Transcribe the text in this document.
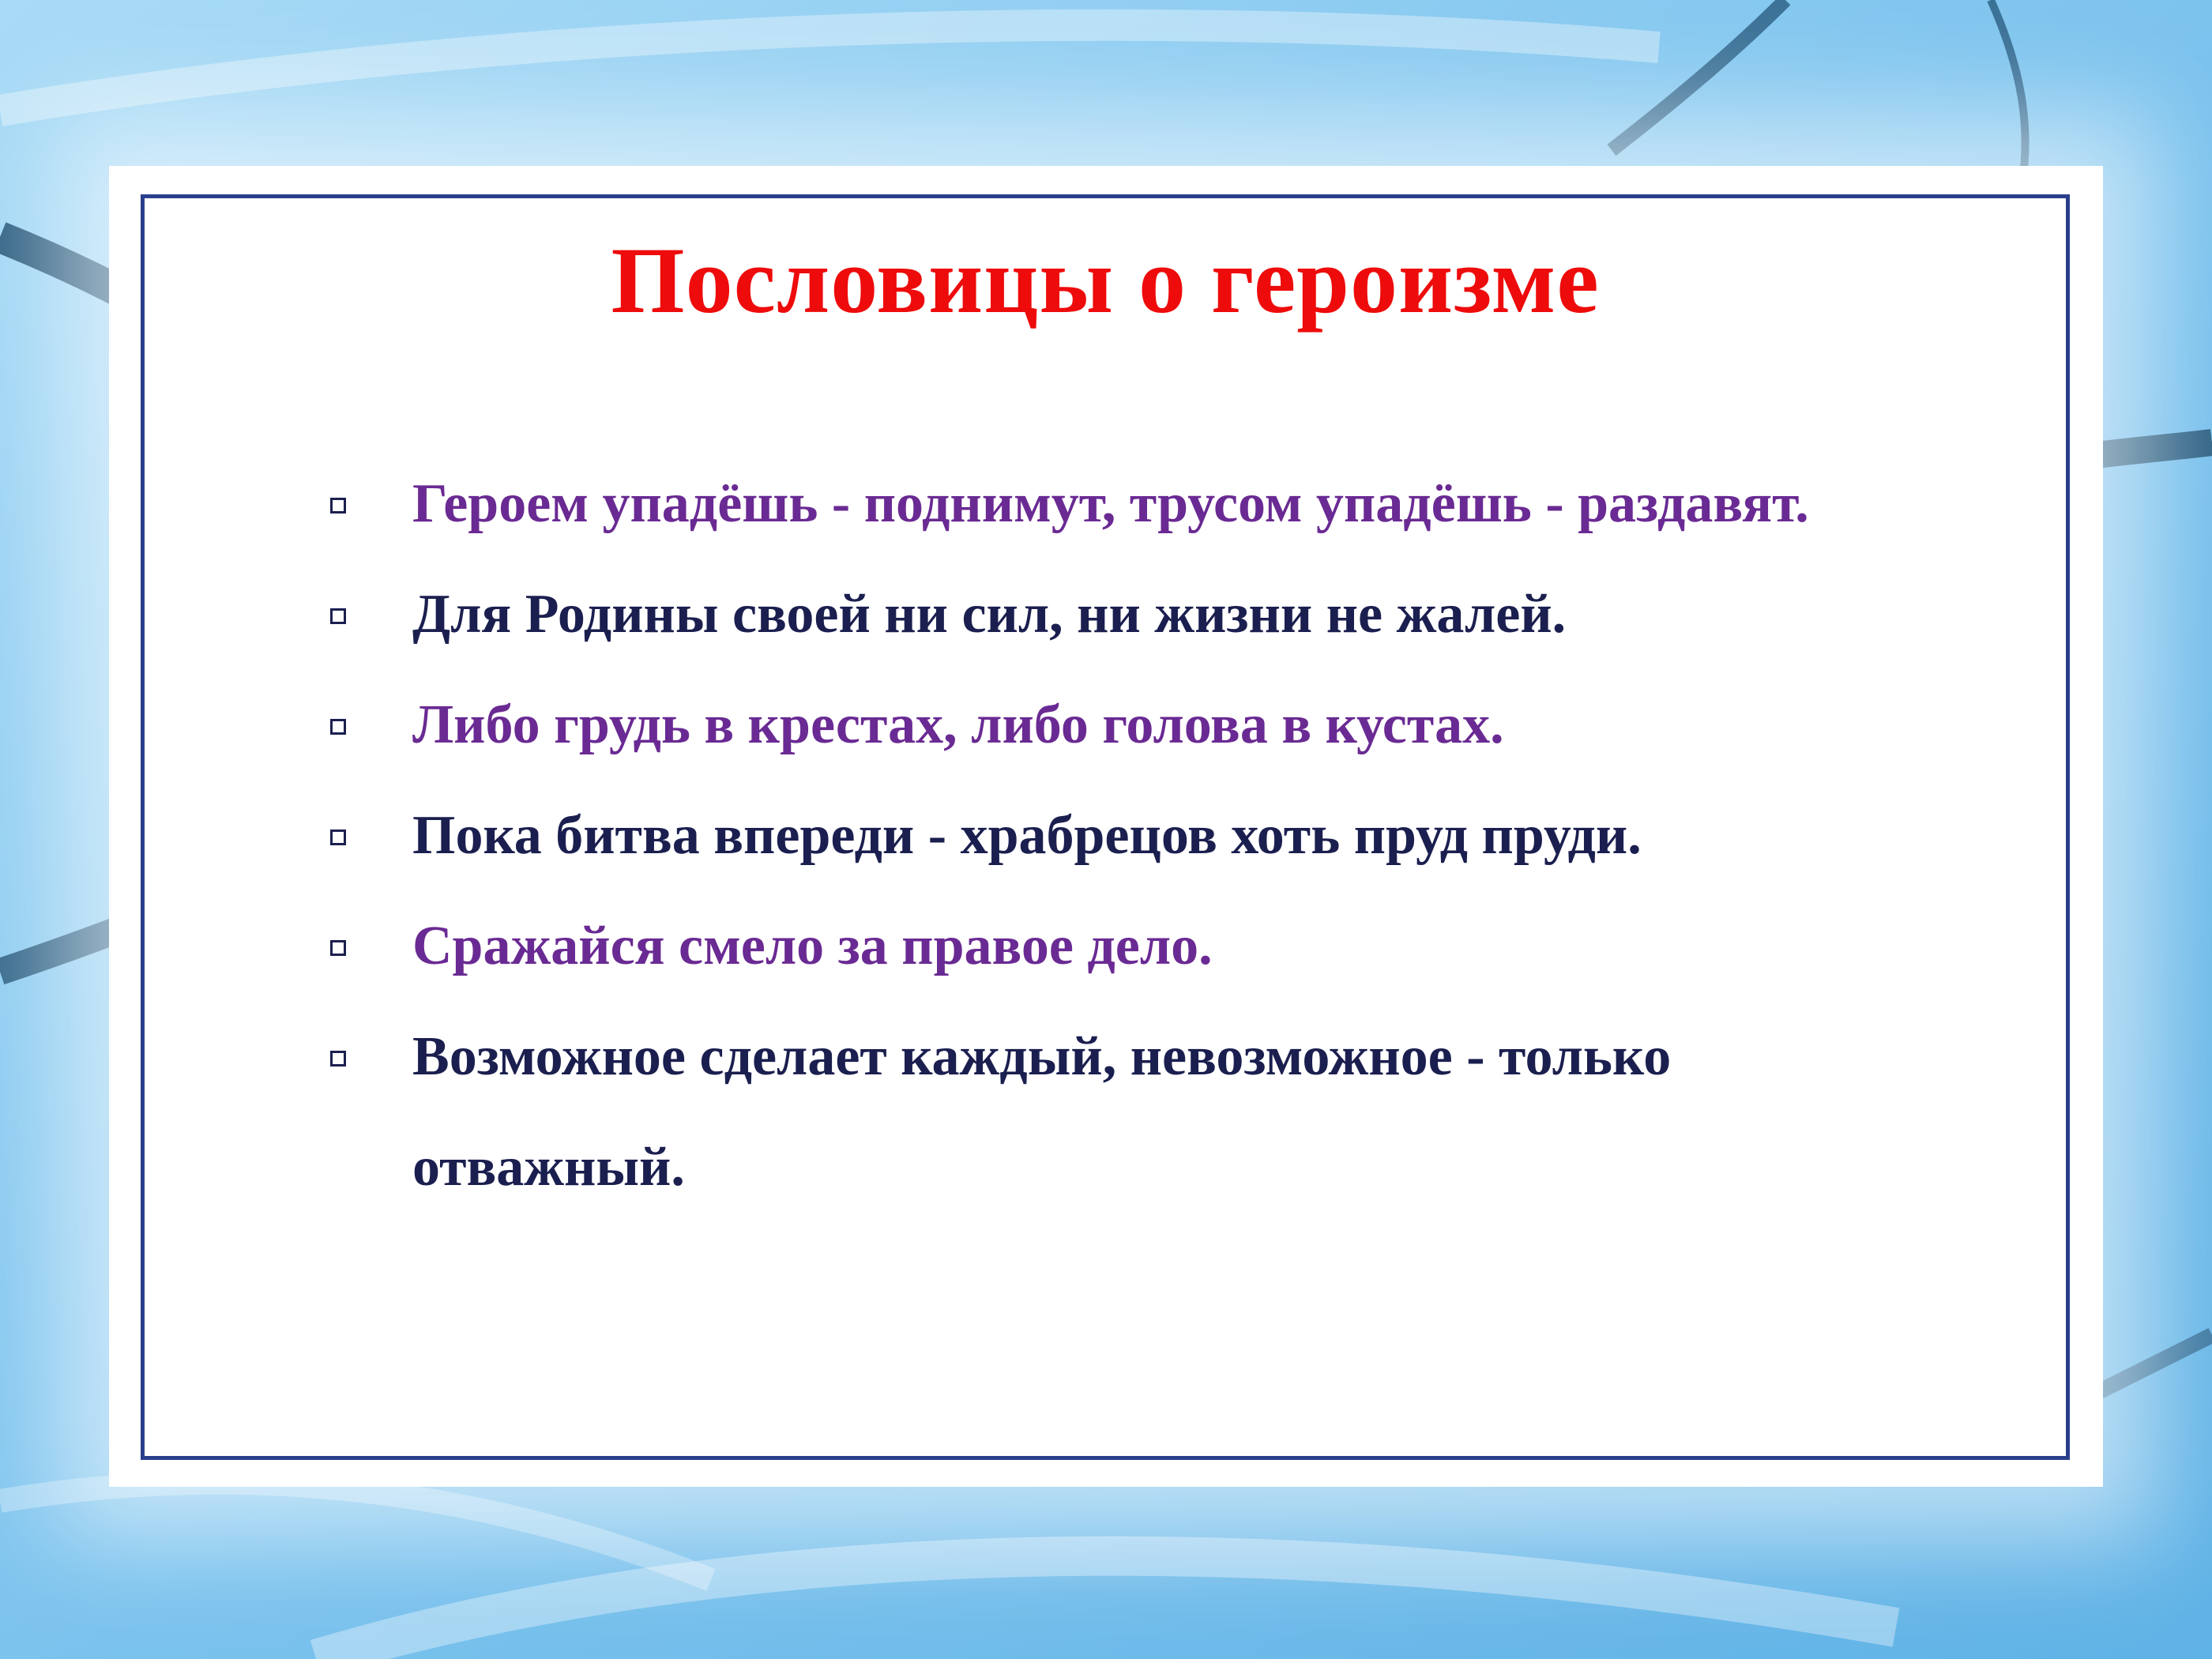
Пословицы о героизме
Героем упадёшь - поднимут, трусом упадёшь - раздавят.
Для Родины своей ни сил, ни жизни не жалей.
Либо грудь в крестах, либо голова в кустах.
Пока битва впереди - храбрецов хоть пруд пруди.
Сражайся смело за правое дело.
Возможное сделает каждый, невозможное - только отважный.
